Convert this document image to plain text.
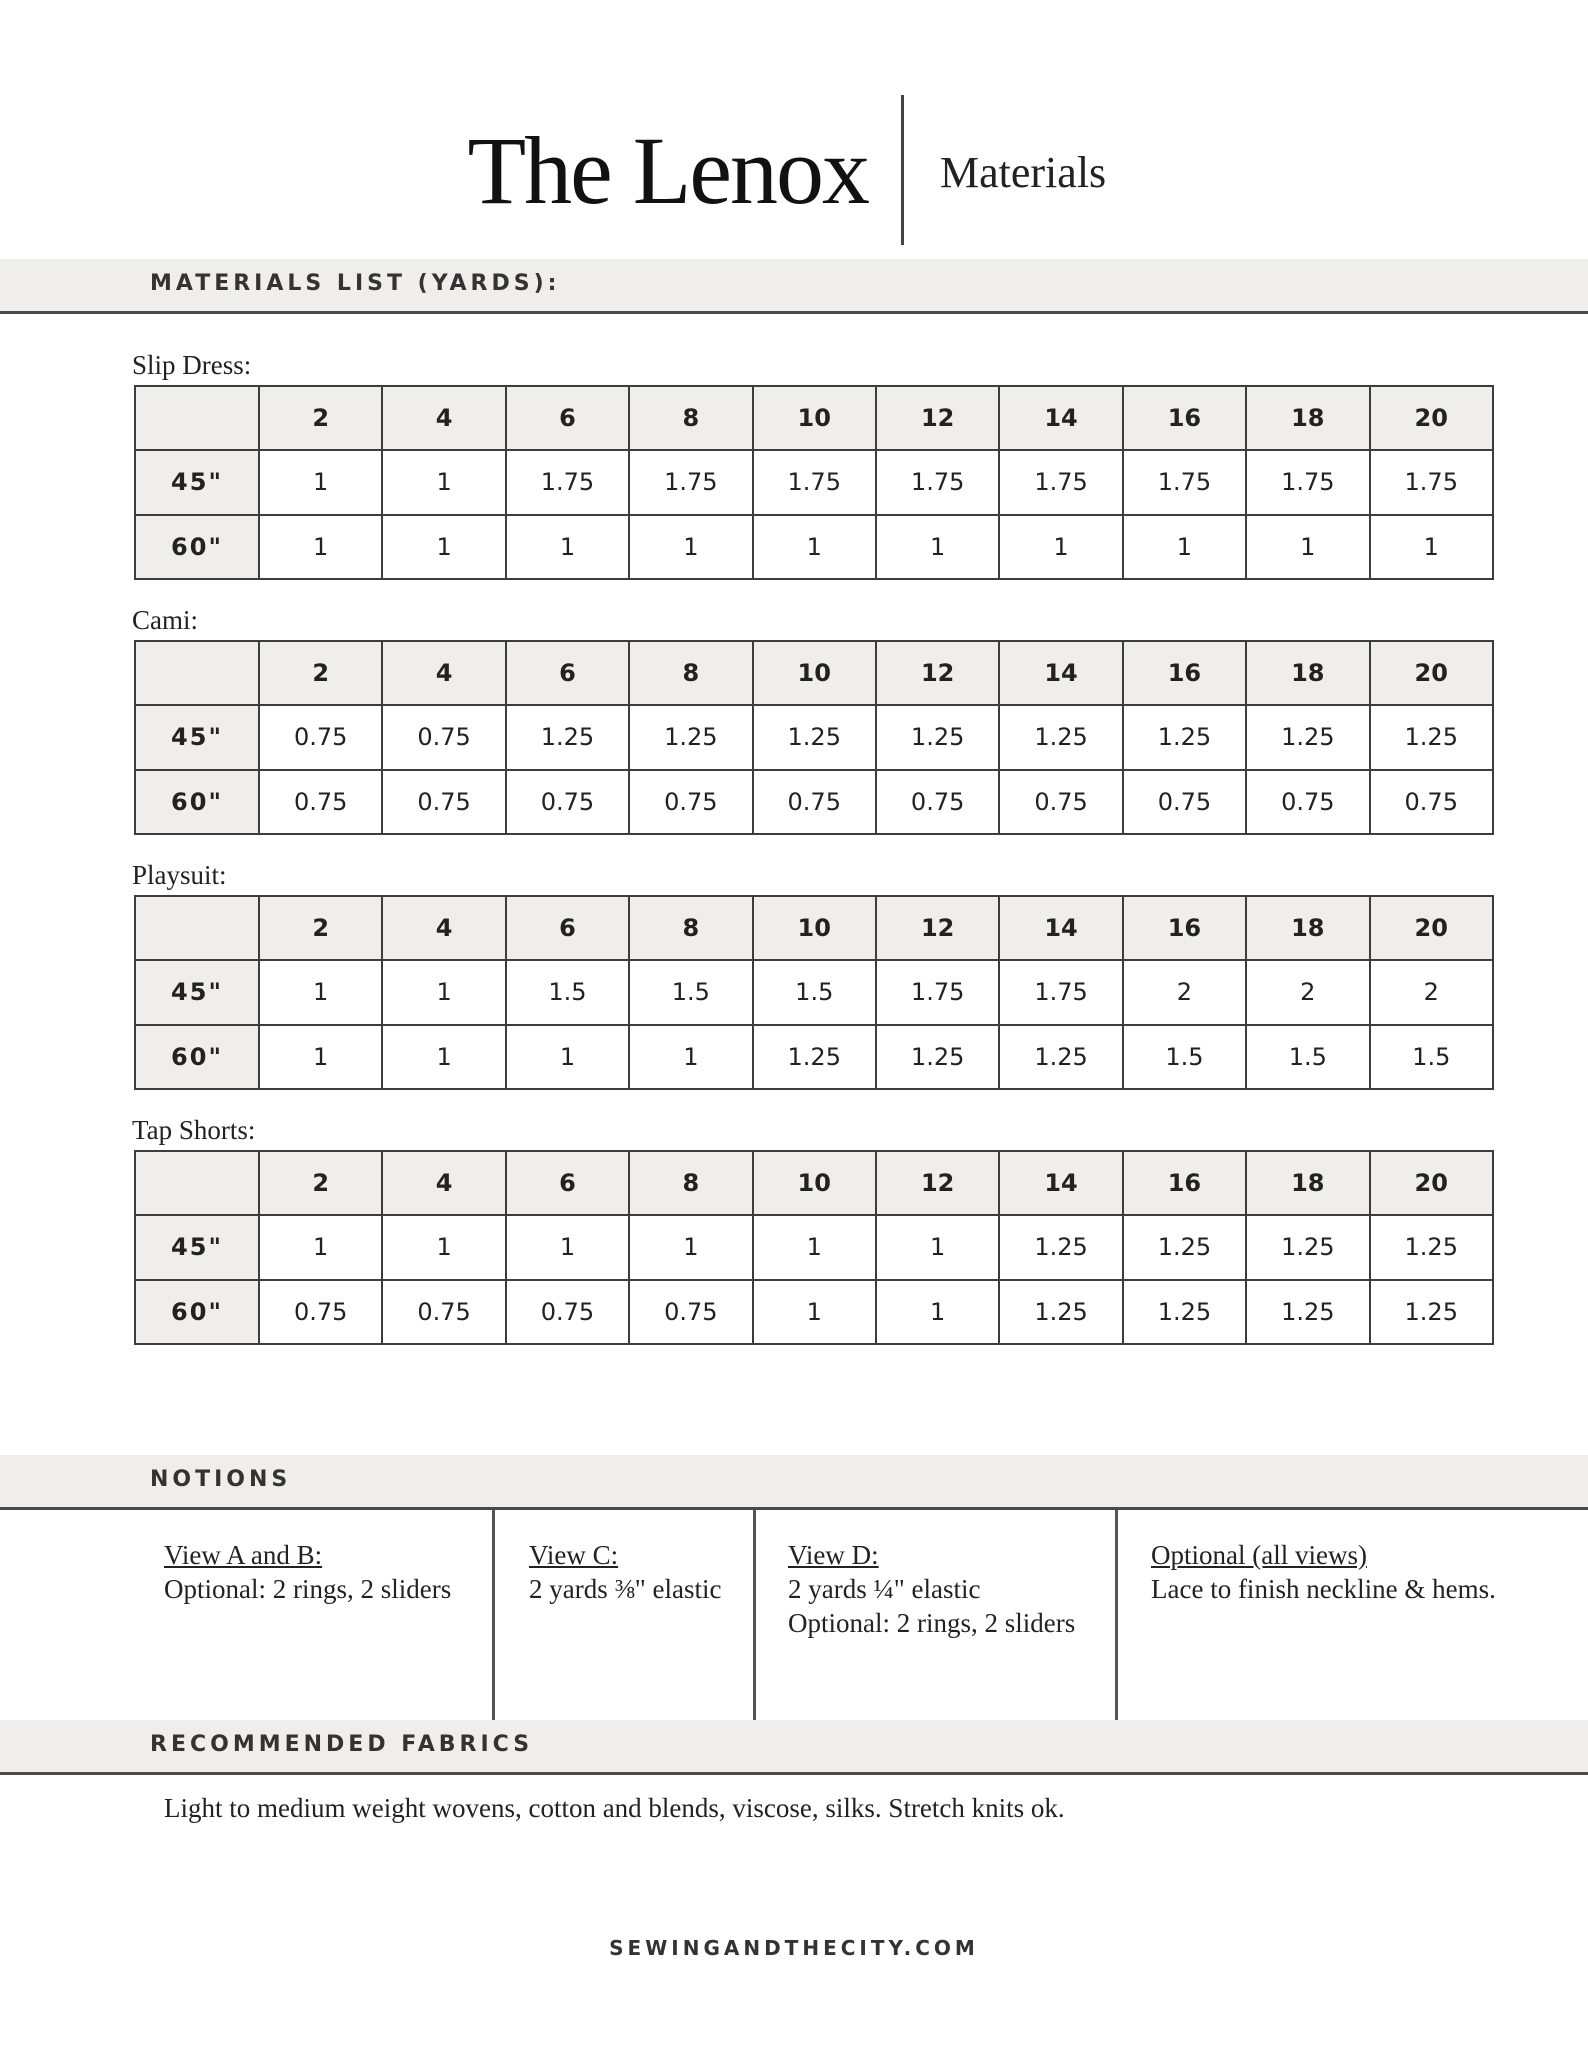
The Lenox Materials
MATERIALS LIST (YARDS):
Slip Dress:
	2	4	6	8	10	12	14	16	18	20
45"	1	1	1.75	1.75	1.75	1.75	1.75	1.75	1.75	1.75
60"	1	1	1	1	1	1	1	1	1	1
Cami:
	2	4	6	8	10	12	14	16	18	20
45"	0.75	0.75	1.25	1.25	1.25	1.25	1.25	1.25	1.25	1.25
60"	0.75	0.75	0.75	0.75	0.75	0.75	0.75	0.75	0.75	0.75
Playsuit:
	2	4	6	8	10	12	14	16	18	20
45"	1	1	1.5	1.5	1.5	1.75	1.75	2	2	2
60"	1	1	1	1	1.25	1.25	1.25	1.5	1.5	1.5
Tap Shorts:
	2	4	6	8	10	12	14	16	18	20
45"	1	1	1	1	1	1	1.25	1.25	1.25	1.25
60"	0.75	0.75	0.75	0.75	1	1	1.25	1.25	1.25	1.25
NOTIONS
View A and B:
Optional: 2 rings, 2 sliders
View C:
2 yards ⅜" elastic
View D:
2 yards ¼" elastic
Optional: 2 rings, 2 sliders
Optional (all views)
Lace to finish neckline & hems.
RECOMMENDED FABRICS
Light to medium weight wovens, cotton and blends, viscose, silks. Stretch knits ok.
SEWINGANDTHECITY.COM
